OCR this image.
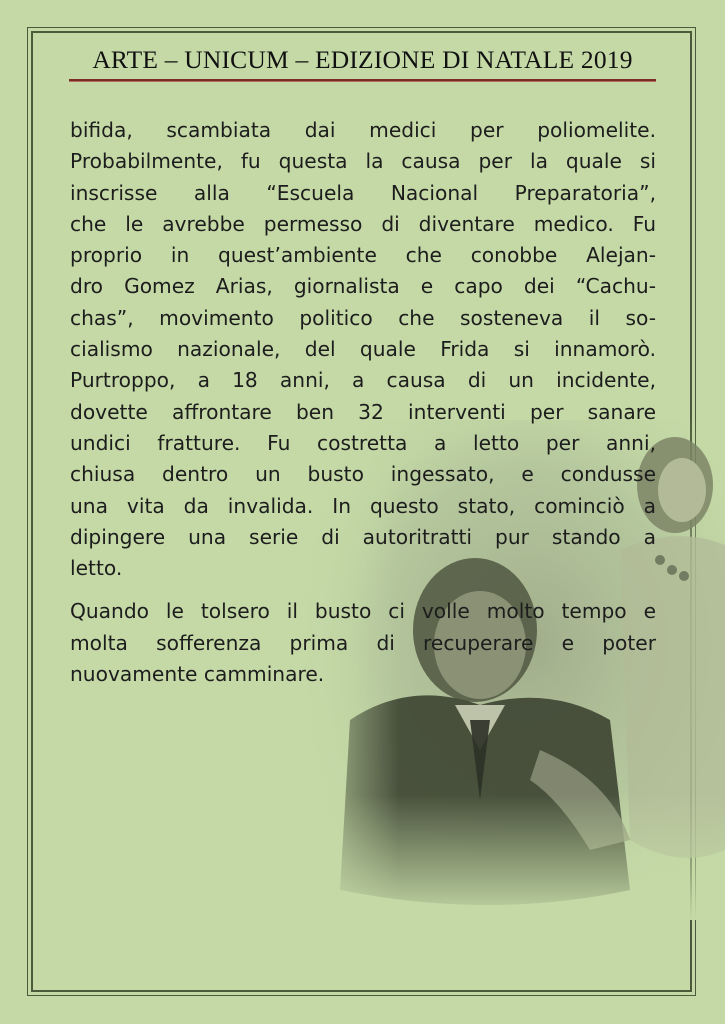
ARTE – UNICUM – EDIZIONE DI NATALE 2019
bifida, scambiata dai medici per poliomelite.
Probabilmente, fu questa la causa per la quale si
inscrisse alla “Escuela Nacional Preparatoria”,
che le avrebbe permesso di diventare medico. Fu
proprio in quest’ambiente che conobbe Alejan-
dro Gomez Arias, giornalista e capo dei “Cachu-
chas”, movimento politico che sosteneva il so-
cialismo nazionale, del quale Frida si innamorò.
Purtroppo, a 18 anni, a causa di un incidente,
dovette affrontare ben 32 interventi per sanare
undici fratture. Fu costretta a letto per anni,
chiusa dentro un busto ingessato, e condusse
una vita da invalida. In questo stato, cominciò a
dipingere una serie di autoritratti pur stando a
letto.
Quando le tolsero il busto ci volle molto tempo e
molta sofferenza prima di recuperare e poter
nuovamente camminare.
